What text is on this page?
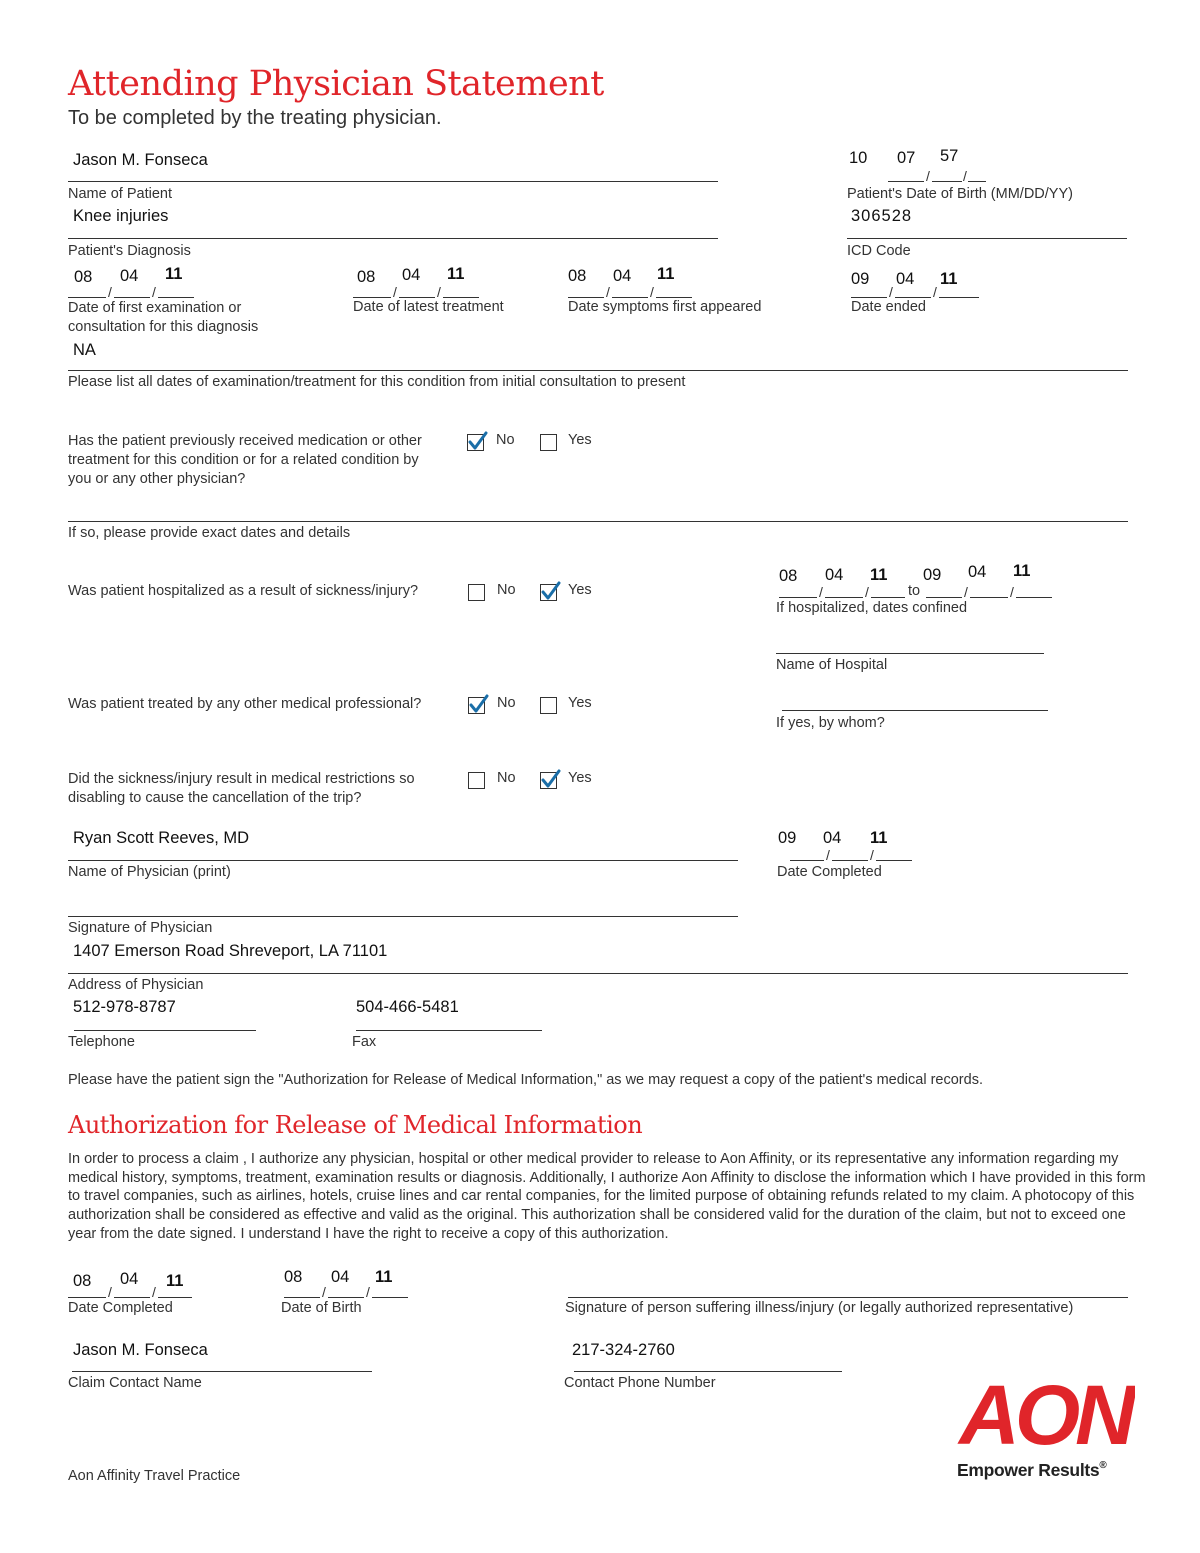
Attending Physician Statement
To be completed by the treating physician.
Jason M. Fonseca
Name of Patient
10 07 57
/ /
Patient's Date of Birth (MM/DD/YY)
Knee injuries
Patient's Diagnosis
306528
ICD Code
08 04 11
/	/
Date of first examination or consultation for this diagnosis
08 04 11
/	/
Date of latest treatment
08 04 11
/	/
Date symptoms first appeared
09 04 11
/	/
Date ended
NA
Please list all dates of examination/treatment for this condition from initial consultation to present
Has the patient previously received medication or other treatment for this condition or for a related condition by you or any other physician?
No	Yes
If so, please provide exact dates and details
Was patient hospitalized as a result of sickness/injury?	No	Yes
08 04 11 09 04 11
/	/	to	/	/
If hospitalized, dates confined
Name of Hospital
Was patient treated by any other medical professional?	No	Yes
If yes, by whom?
Did the sickness/injury result in medical restrictions so disabling to cause the cancellation of the trip?
No	Yes
Ryan Scott Reeves, MD
Name of Physician (print)
09 04 11
/	/
Date Completed
Signature of Physician
1407 Emerson Road Shreveport, LA 71101
Address of Physician
512-978-8787
Telephone
504-466-5481
Fax
Please have the patient sign the "Authorization for Release of Medical Information," as we may request a copy of the patient's medical records.
Authorization for Release of Medical Information
In order to process a claim , I authorize any physician, hospital or other medical provider to release to Aon Affinity, or its representative any information regarding my medical history, symptoms, treatment, examination results or diagnosis. Additionally, I authorize Aon Affinity to disclose the information which I have provided in this form to travel companies, such as airlines, hotels, cruise lines and car rental companies, for the limited purpose of obtaining refunds related to my claim. A photocopy of this authorization shall be considered as effective and valid as the original. This authorization shall be considered valid for the duration of the claim, but not to exceed one year from the date signed. I understand I have the right to receive a copy of this authorization.
08 04 11
/	/
Date Completed
08 04 11
/	/
Date of Birth	Signature of person suffering illness/injury (or legally authorized representative)
Jason M. Fonseca
Claim Contact Name
217-324-2760
Contact Phone Number
Aon Affinity Travel Practice
AON
Empower Results®
